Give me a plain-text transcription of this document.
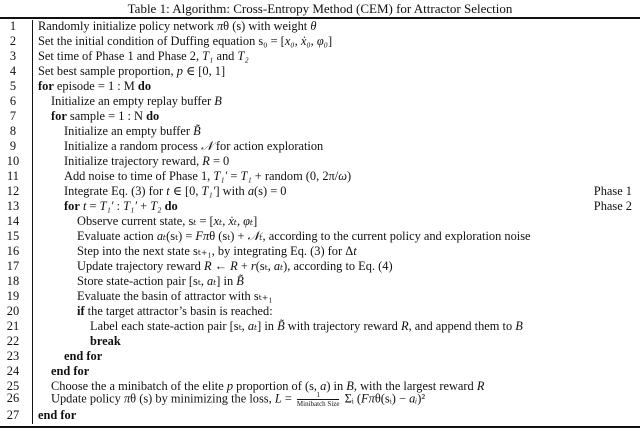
Table 1: Algorithm: Cross-Entropy Method (CEM) for Attractor Selection
1	Randomly initialize policy network πθ (s) with weight θ
2	Set the initial condition of Duffing equation s₀ = [x₀, ẋ₀, φ₀]
3	Set time of Phase 1 and Phase 2, T₁ and T₂
4	Set best sample proportion, p ∈ [0, 1]
5	for episode = 1 : M do
6	Initialize an empty replay buffer B
7	for sample = 1 : N do
8	Initialize an empty buffer B̃
9	Initialize a random process 𝒩 for action exploration
10	Initialize trajectory reward, R = 0
11	Add noise to time of Phase 1, T₁′ = T₁ + random (0, 2π/ω)
12	Integrate Eq. (3) for t ∈ [0, T₁′] with a(s) = 0	Phase 1
13	for t = T₁′ : T₁′ + T₂ do	Phase 2
14	Observe current state, sₜ = [xₜ, ẋₜ, φₜ]
15	Evaluate action aₜ(sₜ) = Fπθ (sₜ) + 𝒩ₜ, according to the current policy and exploration noise
16	Step into the next state sₜ₊₁, by integrating Eq. (3) for Δt
17	Update trajectory reward R ← R + r(sₜ, aₜ), according to Eq. (4)
18	Store state-action pair [sₜ, aₜ] in B̃
19	Evaluate the basin of attractor with sₜ₊₁
20	if the target attractor’s basin is reached:
21	Label each state-action pair [sₜ, aₜ] in B̃ with trajectory reward R, and append them to B
22	break
23	end for
24	end for
25	Choose the a minibatch of the elite p proportion of (s, a) in B, with the largest reward R
26	Update policy πθ (s) by minimizing the loss, $L = \frac{1}{\text{Minibatch Size}}$ Σᵢ (Fπθ(sᵢ) − aᵢ)²
27	end for
